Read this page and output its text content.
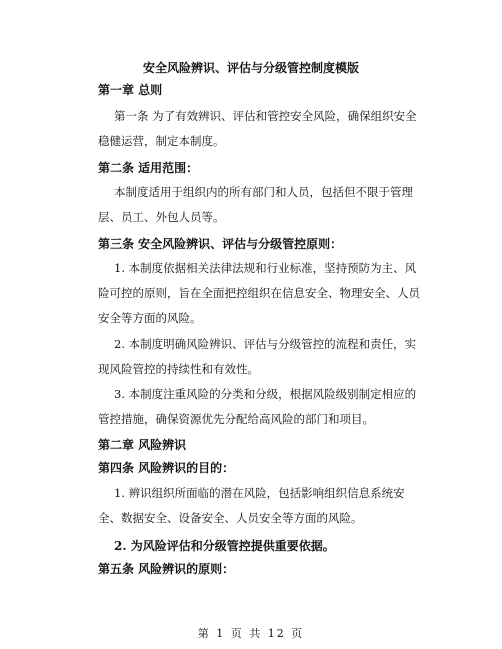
安全风险辨识、评估与分级管控制度模版
第一章 总则
第一条 为了有效辨识、评估和管控安全风险，确保组织安全稳健运营，制定本制度。
第二条 适用范围：
本制度适用于组织内的所有部门和人员，包括但不限于管理层、员工、外包人员等。
第三条 安全风险辨识、评估与分级管控原则：
1. 本制度依据相关法律法规和行业标准，坚持预防为主、风险可控的原则，旨在全面把控组织在信息安全、物理安全、人员安全等方面的风险。
2. 本制度明确风险辨识、评估与分级管控的流程和责任，实现风险管控的持续性和有效性。
3. 本制度注重风险的分类和分级，根据风险级别制定相应的管控措施，确保资源优先分配给高风险的部门和项目。
第二章 风险辨识
第四条 风险辨识的目的：
1. 辨识组织所面临的潜在风险，包括影响组织信息系统安全、数据安全、设备安全、人员安全等方面的风险。
2. 为风险评估和分级管控提供重要依据。
第五条 风险辨识的原则：
第 1 页 共 12 页
